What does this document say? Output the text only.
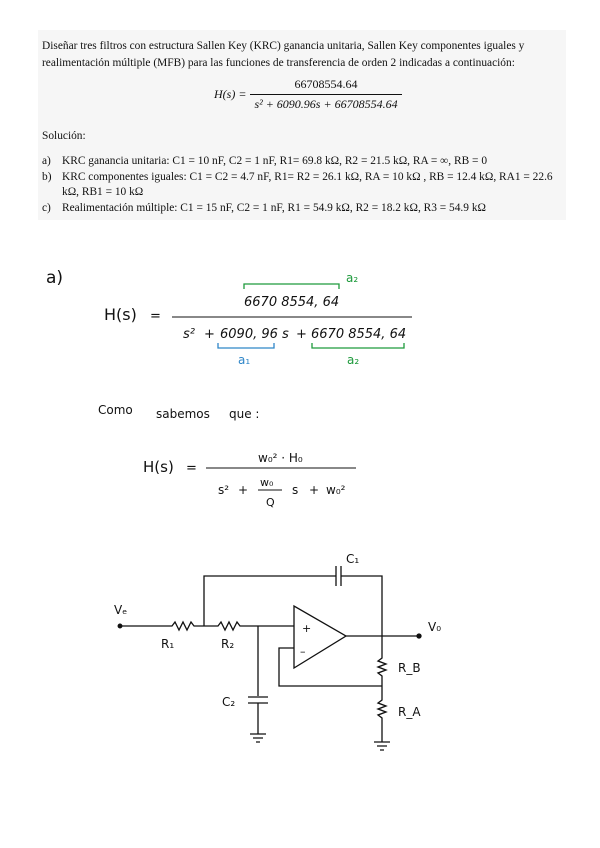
Diseñar tres filtros con estructura Sallen Key (KRC) ganancia unitaria, Sallen Key componentes iguales y realimentación múltiple (MFB) para las funciones de transferencia de orden 2 indicadas a continuación:
$H(s) = \frac{66708554.64}{\text{s² + 6090.96s + 66708554.64}}$
Solución:
a) KRC ganancia unitaria: C1 = 10 nF, C2 = 1 nF, R1= 69.8 kΩ, R2 = 21.5 kΩ, RA = ∞, RB = 0
b) KRC componentes iguales: C1 = C2 = 4.7 nF, R1= R2 = 26.1 kΩ, RA = 10 kΩ , RB = 12.4 kΩ, RA1 = 22.6 kΩ, RB1 = 10 kΩ
c) Realimentación múltiple: C1 = 15 nF, C2 = 1 nF, R1 = 54.9 kΩ, R2 = 18.2 kΩ, R3 = 54.9 kΩ
a)
H(s) =
a₂
6670 8554, 64
s² + 6090, 96 s + 6670 8554, 64
a₁	a₂
Como sabemos que :
H(s) =
w₀² · H₀
s² +
w₀
Q
s + w₀²
+
–
Vₑ
V₀
R₁	R₂
C₁
C₂
R_B
R_A
